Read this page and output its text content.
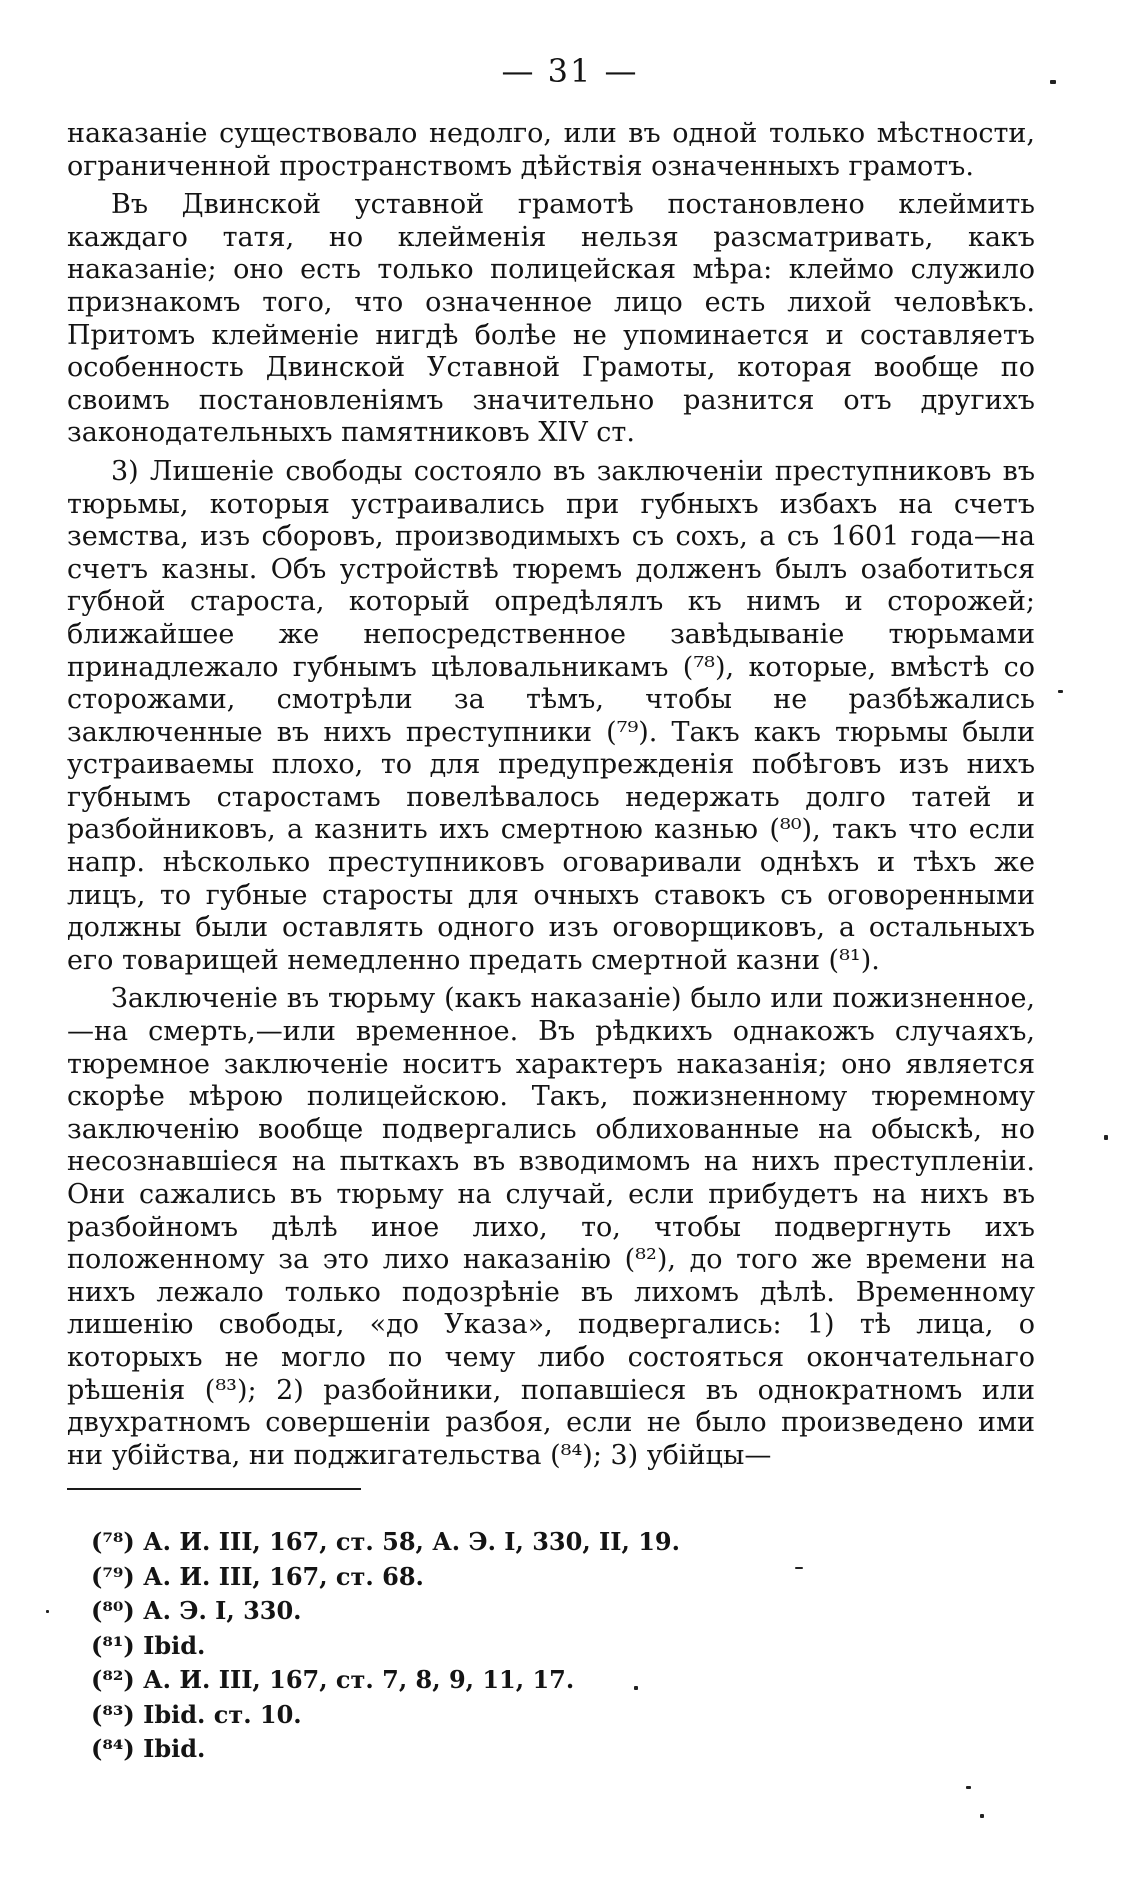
— 31 —

наказаніе существовало недолго, или въ одной только мѣстности, ограниченной пространствомъ дѣйствія означенныхъ грамотъ.

Въ Двинской уставной грамотѣ постановлено клеймить каждаго татя, но клейменія нельзя разсматривать, какъ наказаніе; оно есть только полицейская мѣра: клеймо служило признакомъ того, что означенное лицо есть лихой человѣкъ. Притомъ клейменіе нигдѣ болѣе не упоминается и составляетъ особенность Двинской Уставной Грамоты, которая вообще по своимъ постановленіямъ значительно разнится отъ другихъ законодательныхъ памятниковъ XIV ст.

3) Лишеніе свободы состояло въ заключеніи преступниковъ въ тюрьмы, которыя устраивались при губныхъ избахъ на счетъ земства, изъ сборовъ, производимыхъ съ сохъ, а съ 1601 года—на счетъ казны. Объ устройствѣ тюремъ долженъ былъ озаботиться губной староста, который опредѣлялъ къ нимъ и сторожей; ближайшее же непосредственное завѣдываніе тюрьмами принадлежало губнымъ цѣловальникамъ (⁷⁸), которые, вмѣстѣ со сторожами, смотрѣли за тѣмъ, чтобы не разбѣжались заключенные въ нихъ преступники (⁷⁹). Такъ какъ тюрьмы были устраиваемы плохо, то для предупрежденія побѣговъ изъ нихъ губнымъ старостамъ повелѣвалось недержать долго татей и разбойниковъ, а казнить ихъ смертною казнью (⁸⁰), такъ что если напр. нѣсколько преступниковъ оговаривали однѣхъ и тѣхъ же лицъ, то губные старосты для очныхъ ставокъ съ оговоренными должны были оставлять одного изъ оговорщиковъ, а остальныхъ его товарищей немедленно предать смертной казни (⁸¹).

Заключеніе въ тюрьму (какъ наказаніе) было или пожизненное,—на смерть,—или временное. Въ рѣдкихъ однакожъ случаяхъ, тюремное заключеніе носитъ характеръ наказанія; оно является скорѣе мѣрою полицейскою. Такъ, пожизненному тюремному заключенію вообще подвергались облихованные на обыскѣ, но несознавшіеся на пыткахъ въ взводимомъ на нихъ преступленіи. Они сажались въ тюрьму на случай, если прибудетъ на нихъ въ разбойномъ дѣлѣ иное лихо, то, чтобы подвергнуть ихъ положенному за это лихо наказанію (⁸²), до того же времени на нихъ лежало только подозрѣніе въ лихомъ дѣлѣ. Временному лишенію свободы, «до Указа», подвергались: 1) тѣ лица, о которыхъ не могло по чему либо состояться окончательнаго рѣшенія (⁸³); 2) разбойники, попавшіеся въ однократномъ или двухратномъ совершеніи разбоя, если не было произведено ими ни убійства, ни поджигательства (⁸⁴); 3) убійцы—

(⁷⁸) А. И. III, 167, ст. 58, А. Э. I, 330, II, 19.
(⁷⁹) А. И. III, 167, ст. 68.
(⁸⁰) А. Э. I, 330.
(⁸¹) Ibid.
(⁸²) А. И. III, 167, ст. 7, 8, 9, 11, 17.
(⁸³) Ibid. ст. 10.
(⁸⁴) Ibid.
